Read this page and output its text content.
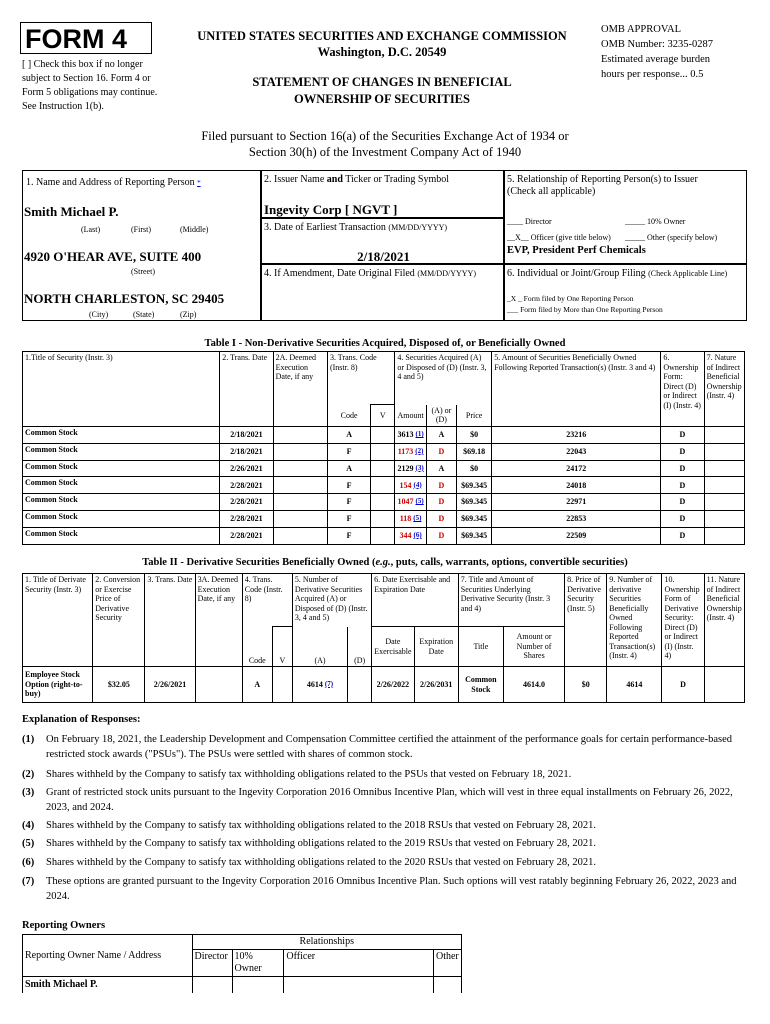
FORM 4
[ ] Check this box if no longer subject to Section 16. Form 4 or Form 5 obligations may continue. See Instruction 1(b).
UNITED STATES SECURITIES AND EXCHANGE COMMISSION
Washington, D.C. 20549
STATEMENT OF CHANGES IN BENEFICIAL OWNERSHIP OF SECURITIES
OMB APPROVAL
OMB Number: 3235-0287
Estimated average burden
hours per response... 0.5
Filed pursuant to Section 16(a) of the Securities Exchange Act of 1934 or
Section 30(h) of the Investment Company Act of 1940
1. Name and Address of Reporting Person *
Smith Michael P.
(Last)	(First)	(Middle)
4920 O'HEAR AVE, SUITE 400
(Street)
NORTH CHARLESTON, SC 29405
(City)	(State)	(Zip)
2. Issuer Name and Ticker or Trading Symbol
Ingevity Corp [ NGVT ]
3. Date of Earliest Transaction (MM/DD/YYYY)
2/18/2021
4. If Amendment, Date Original Filed (MM/DD/YYYY)
5. Relationship of Reporting Person(s) to Issuer
(Check all applicable)
____ Director	_____ 10% Owner
__X__ Officer (give title below) _____ Other (specify below)
EVP, President Perf Chemicals
6. Individual or Joint/Group Filing (Check Applicable Line)
_X _ Form filed by One Reporting Person
___ Form filed by More than One Reporting Person
Table I - Non-Derivative Securities Acquired, Disposed of, or Beneficially Owned
1.Title of Security (Instr. 3)	2. Trans. Date	2A. Deemed Execution Date, if any	3. Trans. Code (Instr. 8)		4. Securities Acquired (A) or Disposed of (D) (Instr. 3, 4 and 5)			5. Amount of Securities Beneficially Owned Following Reported Transaction(s) (Instr. 3 and 4)	6. Ownership Form: Direct (D) or Indirect (I) (Instr. 4)	7. Nature of Indirect Beneficial Ownership (Instr. 4)
			Code	V	Amount	(A) or (D)	Price			
Common Stock	2/18/2021		A		3613 (1)	A	$0	23216	D	
Common Stock	2/18/2021		F		1173 (2)	D	$69.18	22043	D	
Common Stock	2/26/2021		A		2129 (3)	A	$0	24172	D	
Common Stock	2/28/2021		F		154 (4)	D	$69.345	24018	D	
Common Stock	2/28/2021		F		1047 (5)	D	$69.345	22971	D	
Common Stock	2/28/2021		F		118 (5)	D	$69.345	22853	D	
Common Stock	2/28/2021		F		344 (6)	D	$69.345	22509	D	
Table II - Derivative Securities Beneficially Owned (e.g., puts, calls, warrants, options, convertible securities)
1. Title of Derivate Security (Instr. 3)	2. Conversion or Exercise Price of Derivative Security	3. Trans. Date	3A. Deemed Execution Date, if any	4. Trans. Code (Instr. 8)		5. Number of Derivative Securities Acquired (A) or Disposed of (D) (Instr. 3, 4 and 5)		6. Date Exercisable and Expiration Date		7. Title and Amount of Securities Underlying Derivative Security (Instr. 3 and 4)		8. Price of Derivative Security (Instr. 5)	9. Number of derivative Securities Beneficially Owned Following Reported Transaction(s) (Instr. 4)	10. Ownership Form of Derivative Security: Direct (D) or Indirect (I) (Instr. 4)	11. Nature of Indirect Beneficial Ownership (Instr. 4)
				Code	V	(A)	(D)	Date Exercisable	Expiration Date	Title	Amount or Number of Shares				
Employee Stock Option (right-to-buy)	$32.05	2/26/2021		A		4614 (7)		2/26/2022	2/26/2031	Common Stock	4614.0	$0	4614	D	
Explanation of Responses:
(1) On February 18, 2021, the Leadership Development and Compensation Committee certified the attainment of the performance goals for certain performance-based restricted stock awards ("PSUs"). The PSUs were settled with shares of common stock.
(2) Shares withheld by the Company to satisfy tax withholding obligations related to the PSUs that vested on February 18, 2021.
(3) Grant of restricted stock units pursuant to the Ingevity Corporation 2016 Omnibus Incentive Plan, which will vest in three equal installments on February 26, 2022, 2023, and 2024.
(4) Shares withheld by the Company to satisfy tax withholding obligations related to the 2018 RSUs that vested on February 28, 2021.
(5) Shares withheld by the Company to satisfy tax withholding obligations related to the 2019 RSUs that vested on February 28, 2021.
(6) Shares withheld by the Company to satisfy tax withholding obligations related to the 2020 RSUs that vested on February 28, 2021.
(7) These options are granted pursuant to the Ingevity Corporation 2016 Omnibus Incentive Plan. Such options will vest ratably beginning February 26, 2022, 2023 and 2024.
Reporting Owners
Reporting Owner Name / Address	Relationships			
	Director	10% Owner	Officer	Other
Smith Michael P.				
